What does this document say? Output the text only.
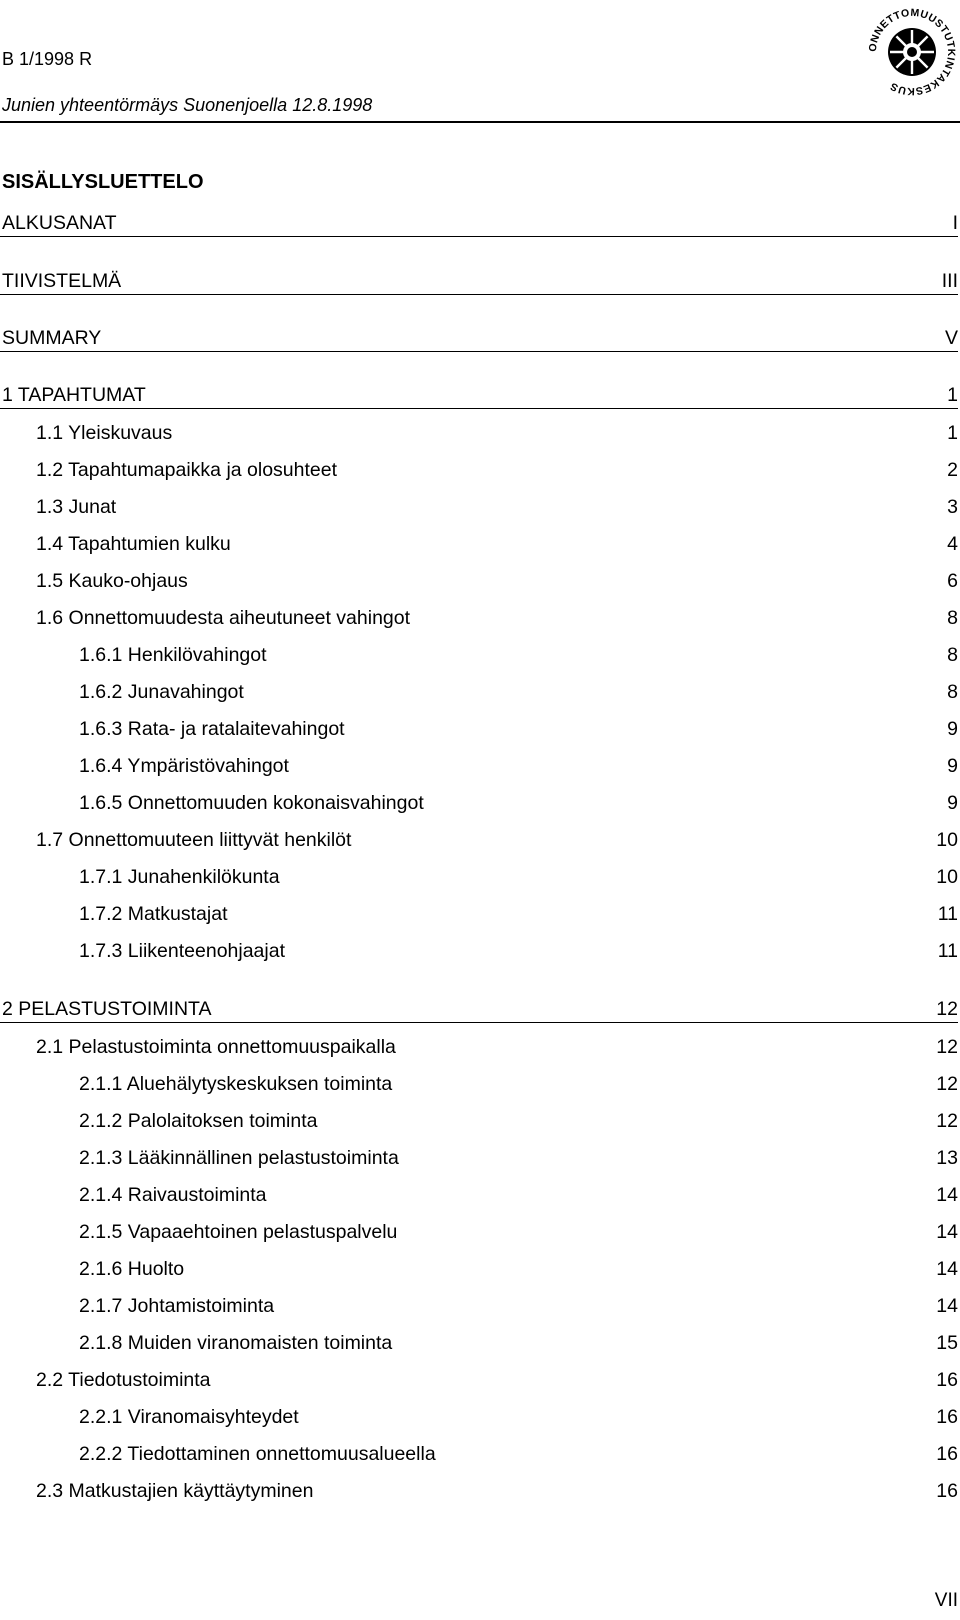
B 1/1998 R
Junien yhteentörmäys Suonenjoella 12.8.1998
ONNETTOMUUSTUTKINTAKESKUS
SISÄLLYSLUETTELO
ALKUSANAT	I
TIIVISTELMÄ	III
SUMMARY	V
1 TAPAHTUMAT	1
1.1 Yleiskuvaus	1
1.2 Tapahtumapaikka ja olosuhteet	2
1.3 Junat	3
1.4 Tapahtumien kulku	4
1.5 Kauko-ohjaus	6
1.6 Onnettomuudesta aiheutuneet vahingot	8
1.6.1 Henkilövahingot	8
1.6.2 Junavahingot	8
1.6.3 Rata- ja ratalaitevahingot	9
1.6.4 Ympäristövahingot	9
1.6.5 Onnettomuuden kokonaisvahingot	9
1.7 Onnettomuuteen liittyvät henkilöt	10
1.7.1 Junahenkilökunta	10
1.7.2 Matkustajat	11
1.7.3 Liikenteenohjaajat	11
2 PELASTUSTOIMINTA	12
2.1 Pelastustoiminta onnettomuuspaikalla	12
2.1.1 Aluehälytyskeskuksen toiminta	12
2.1.2 Palolaitoksen toiminta	12
2.1.3 Lääkinnällinen pelastustoiminta	13
2.1.4 Raivaustoiminta	14
2.1.5 Vapaaehtoinen pelastuspalvelu	14
2.1.6 Huolto	14
2.1.7 Johtamistoiminta	14
2.1.8 Muiden viranomaisten toiminta	15
2.2 Tiedotustoiminta	16
2.2.1 Viranomaisyhteydet	16
2.2.2 Tiedottaminen onnettomuusalueella	16
2.3 Matkustajien käyttäytyminen	16
VII
